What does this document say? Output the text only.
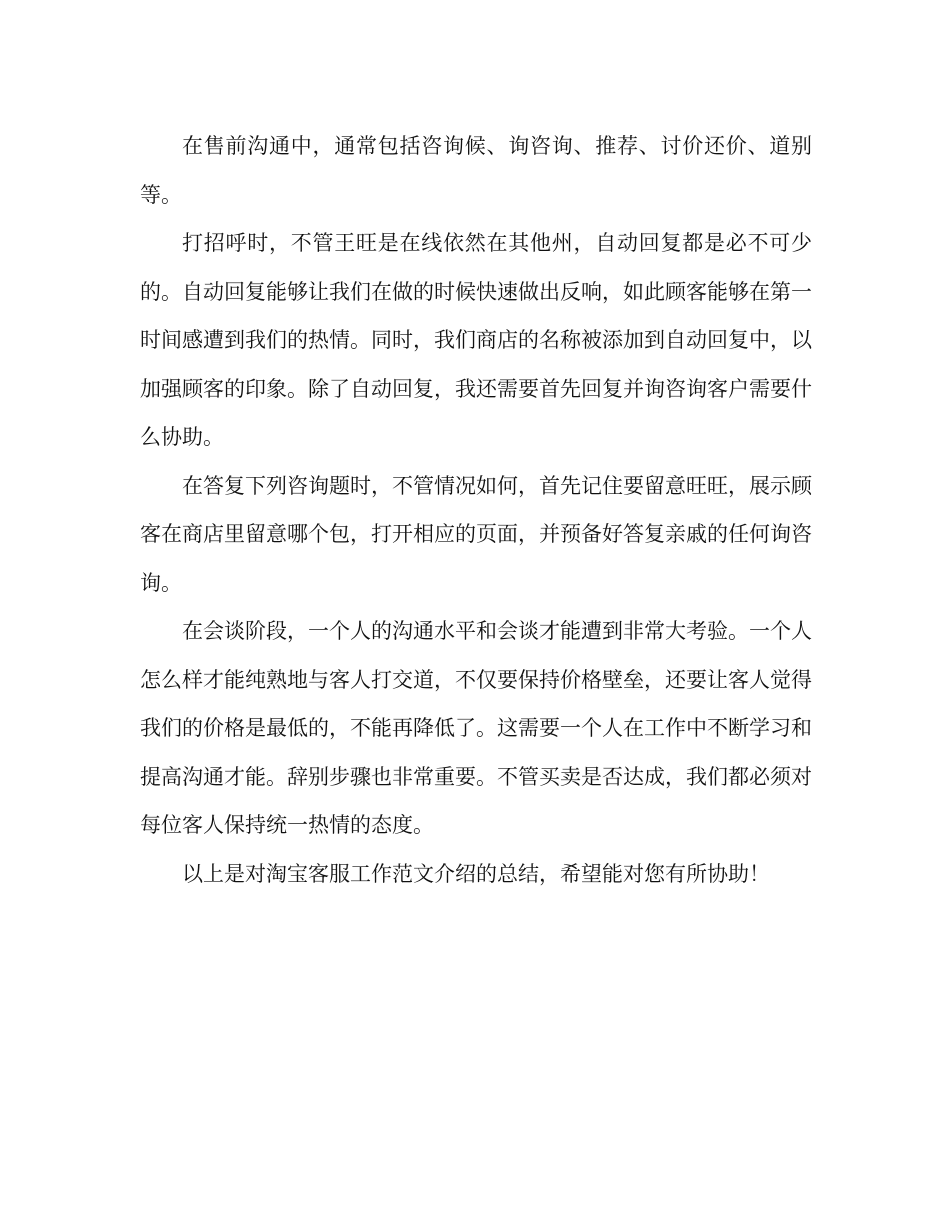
在售前沟通中，通常包括咨询候、询咨询、推荐、讨价还价、道别等。

打招呼时，不管王旺是在线依然在其他州，自动回复都是必不可少的。自动回复能够让我们在做的时候快速做出反响，如此顾客能够在第一时间感遭到我们的热情。同时，我们商店的名称被添加到自动回复中，以加强顾客的印象。除了自动回复，我还需要首先回复并询咨询客户需要什么协助。

在答复下列咨询题时，不管情况如何，首先记住要留意旺旺，展示顾客在商店里留意哪个包，打开相应的页面，并预备好答复亲戚的任何询咨询。

在会谈阶段，一个人的沟通水平和会谈才能遭到非常大考验。一个人怎么样才能纯熟地与客人打交道，不仅要保持价格壁垒，还要让客人觉得我们的价格是最低的，不能再降低了。这需要一个人在工作中不断学习和提高沟通才能。辞别步骤也非常重要。不管买卖是否达成，我们都必须对每位客人保持统一热情的态度。

以上是对淘宝客服工作范文介绍的总结，希望能对您有所协助！
